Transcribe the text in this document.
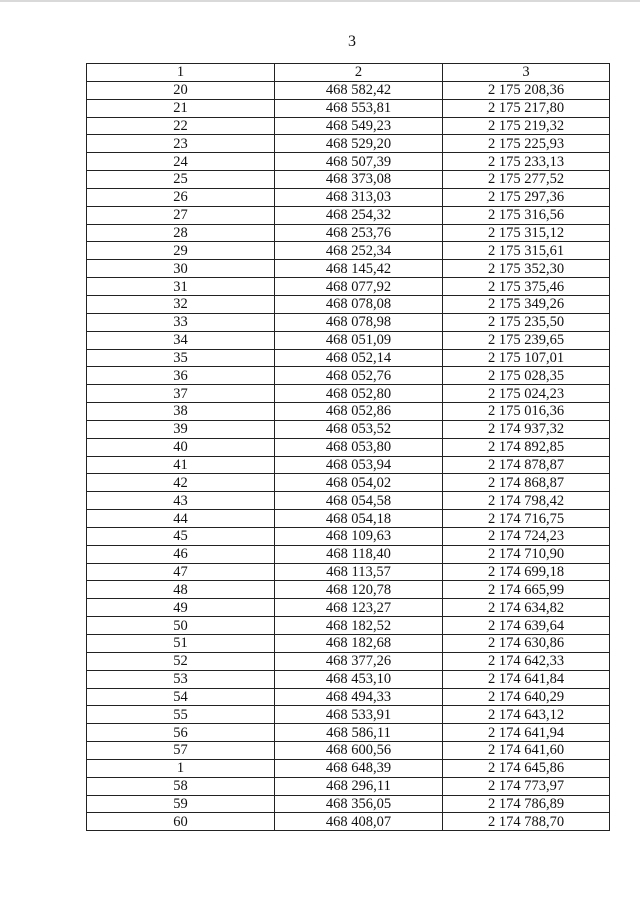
3
1	2	3
20	468 582,42	2 175 208,36
21	468 553,81	2 175 217,80
22	468 549,23	2 175 219,32
23	468 529,20	2 175 225,93
24	468 507,39	2 175 233,13
25	468 373,08	2 175 277,52
26	468 313,03	2 175 297,36
27	468 254,32	2 175 316,56
28	468 253,76	2 175 315,12
29	468 252,34	2 175 315,61
30	468 145,42	2 175 352,30
31	468 077,92	2 175 375,46
32	468 078,08	2 175 349,26
33	468 078,98	2 175 235,50
34	468 051,09	2 175 239,65
35	468 052,14	2 175 107,01
36	468 052,76	2 175 028,35
37	468 052,80	2 175 024,23
38	468 052,86	2 175 016,36
39	468 053,52	2 174 937,32
40	468 053,80	2 174 892,85
41	468 053,94	2 174 878,87
42	468 054,02	2 174 868,87
43	468 054,58	2 174 798,42
44	468 054,18	2 174 716,75
45	468 109,63	2 174 724,23
46	468 118,40	2 174 710,90
47	468 113,57	2 174 699,18
48	468 120,78	2 174 665,99
49	468 123,27	2 174 634,82
50	468 182,52	2 174 639,64
51	468 182,68	2 174 630,86
52	468 377,26	2 174 642,33
53	468 453,10	2 174 641,84
54	468 494,33	2 174 640,29
55	468 533,91	2 174 643,12
56	468 586,11	2 174 641,94
57	468 600,56	2 174 641,60
1	468 648,39	2 174 645,86
58	468 296,11	2 174 773,97
59	468 356,05	2 174 786,89
60	468 408,07	2 174 788,70
